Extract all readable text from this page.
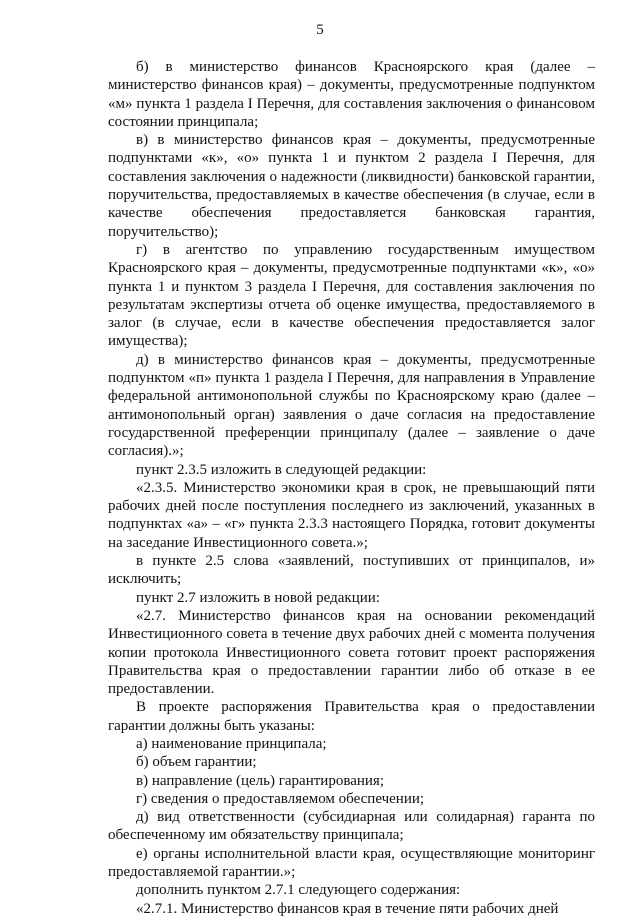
5

б) в министерство финансов Красноярского края (далее – министерство финансов края) – документы, предусмотренные подпунктом «м» пункта 1 раздела I Перечня, для составления заключения о финансовом состоянии принципала;

в) в министерство финансов края – документы, предусмотренные подпунктами «к», «о» пункта 1 и пунктом 2 раздела I Перечня, для составления заключения о надежности (ликвидности) банковской гарантии, поручительства, предоставляемых в качестве обеспечения (в случае, если в качестве обеспечения предоставляется банковская гарантия, поручительство);

г) в агентство по управлению государственным имуществом Красноярского края – документы, предусмотренные подпунктами «к», «о» пункта 1 и пунктом 3 раздела I Перечня, для составления заключения по результатам экспертизы отчета об оценке имущества, предоставляемого в залог (в случае, если в качестве обеспечения предоставляется залог имущества);

д) в министерство финансов края – документы, предусмотренные подпунктом «п» пункта 1 раздела I Перечня, для направления в Управление федеральной антимонопольной службы по Красноярскому краю (далее – антимонопольный орган) заявления о даче согласия на предоставление государственной преференции принципалу (далее – заявление о даче согласия).»;

пункт 2.3.5 изложить в следующей редакции:

«2.3.5. Министерство экономики края в срок, не превышающий пяти рабочих дней после поступления последнего из заключений, указанных в подпунктах «а» – «г» пункта 2.3.3 настоящего Порядка, готовит документы на заседание Инвестиционного совета.»;

в пункте 2.5 слова «заявлений, поступивших от принципалов, и» исключить;

пункт 2.7 изложить в новой редакции:

«2.7. Министерство финансов края на основании рекомендаций Инвестиционного совета в течение двух рабочих дней с момента получения копии протокола Инвестиционного совета готовит проект распоряжения Правительства края о предоставлении гарантии либо об отказе в ее предоставлении.

В проекте распоряжения Правительства края о предоставлении гарантии должны быть указаны:

а) наименование принципала;

б) объем гарантии;

в) направление (цель) гарантирования;

г) сведения о предоставляемом обеспечении;

д) вид ответственности (субсидиарная или солидарная) гаранта по обеспеченному им обязательству принципала;

е) органы исполнительной власти края, осуществляющие мониторинг предоставляемой гарантии.»;

дополнить пунктом 2.7.1 следующего содержания:

«2.7.1. Министерство финансов края в течение пяти рабочих дней
